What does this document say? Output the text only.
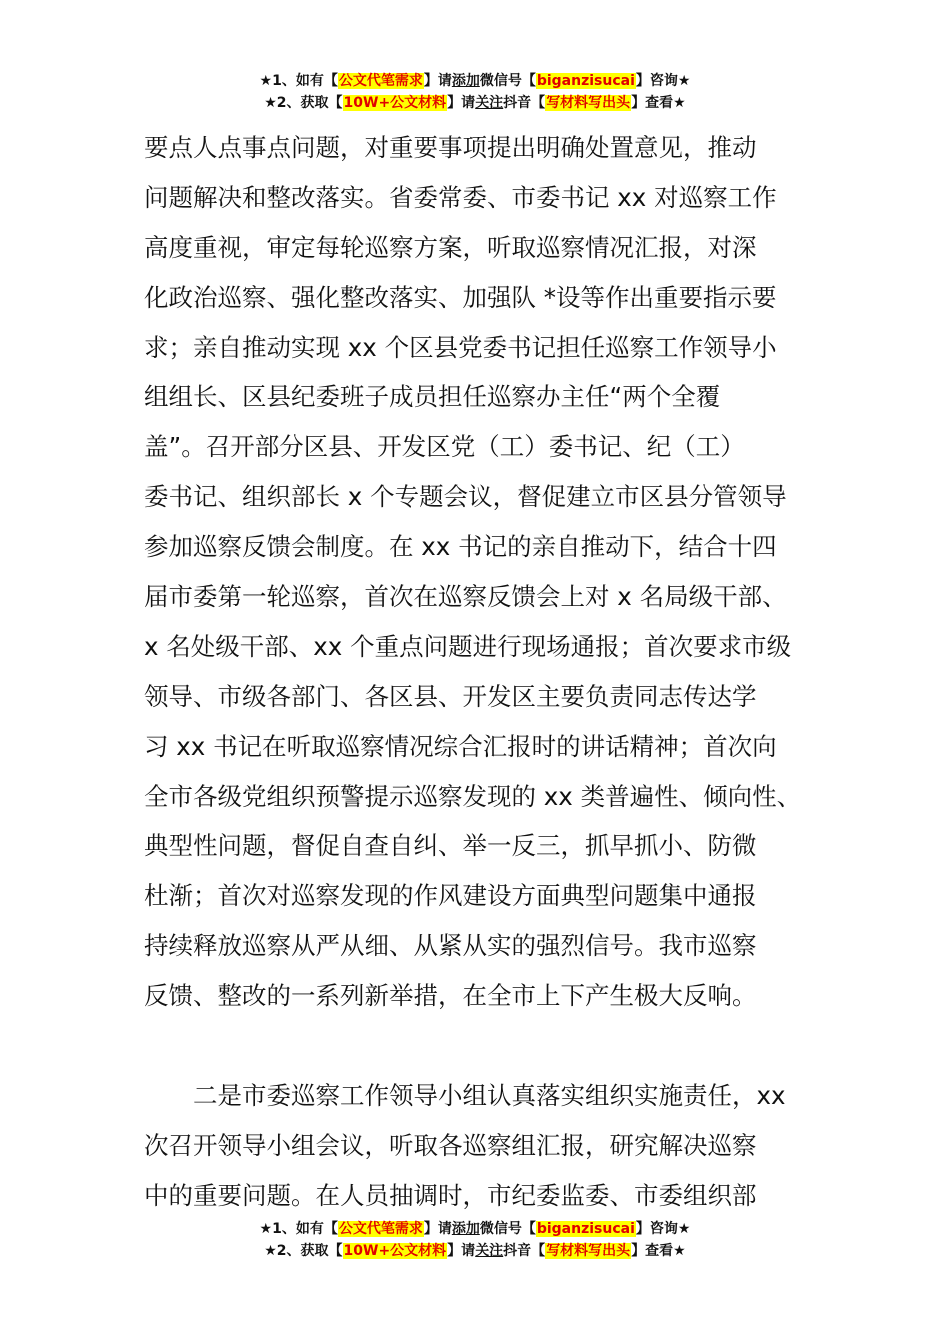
★1、如有【公文代笔需求】请添加微信号【biganzisucai】咨询★
★2、获取【10W+公文材料】请关注抖音【写材料写出头】查看★
要点人点事点问题，对重要事项提出明确处置意见，推动
问题解决和整改落实。省委常委、市委书记 xx 对巡察工作
高度重视，审定每轮巡察方案，听取巡察情况汇报，对深
化政治巡察、强化整改落实、加强队 *设等作出重要指示要
求；亲自推动实现 xx 个区县党委书记担任巡察工作领导小
组组长、区县纪委班子成员担任巡察办主任“两个全覆
盖”。召开部分区县、开发区党（工）委书记、纪（工）
委书记、组织部长 x 个专题会议，督促建立市区县分管领导
参加巡察反馈会制度。在 xx 书记的亲自推动下，结合十四
届市委第一轮巡察，首次在巡察反馈会上对 x 名局级干部、
x 名处级干部、xx 个重点问题进行现场通报；首次要求市级
领导、市级各部门、各区县、开发区主要负责同志传达学
习 xx 书记在听取巡察情况综合汇报时的讲话精神；首次向
全市各级党组织预警提示巡察发现的 xx 类普遍性、倾向性、
典型性问题，督促自查自纠、举一反三，抓早抓小、防微
杜渐；首次对巡察发现的作风建设方面典型问题集中通报
持续释放巡察从严从细、从紧从实的强烈信号。我市巡察
反馈、整改的一系列新举措，在全市上下产生极大反响。
二是市委巡察工作领导小组认真落实组织实施责任，xx
次召开领导小组会议，听取各巡察组汇报，研究解决巡察
中的重要问题。在人员抽调时，市纪委监委、市委组织部
★1、如有【公文代笔需求】请添加微信号【biganzisucai】咨询★
★2、获取【10W+公文材料】请关注抖音【写材料写出头】查看★
